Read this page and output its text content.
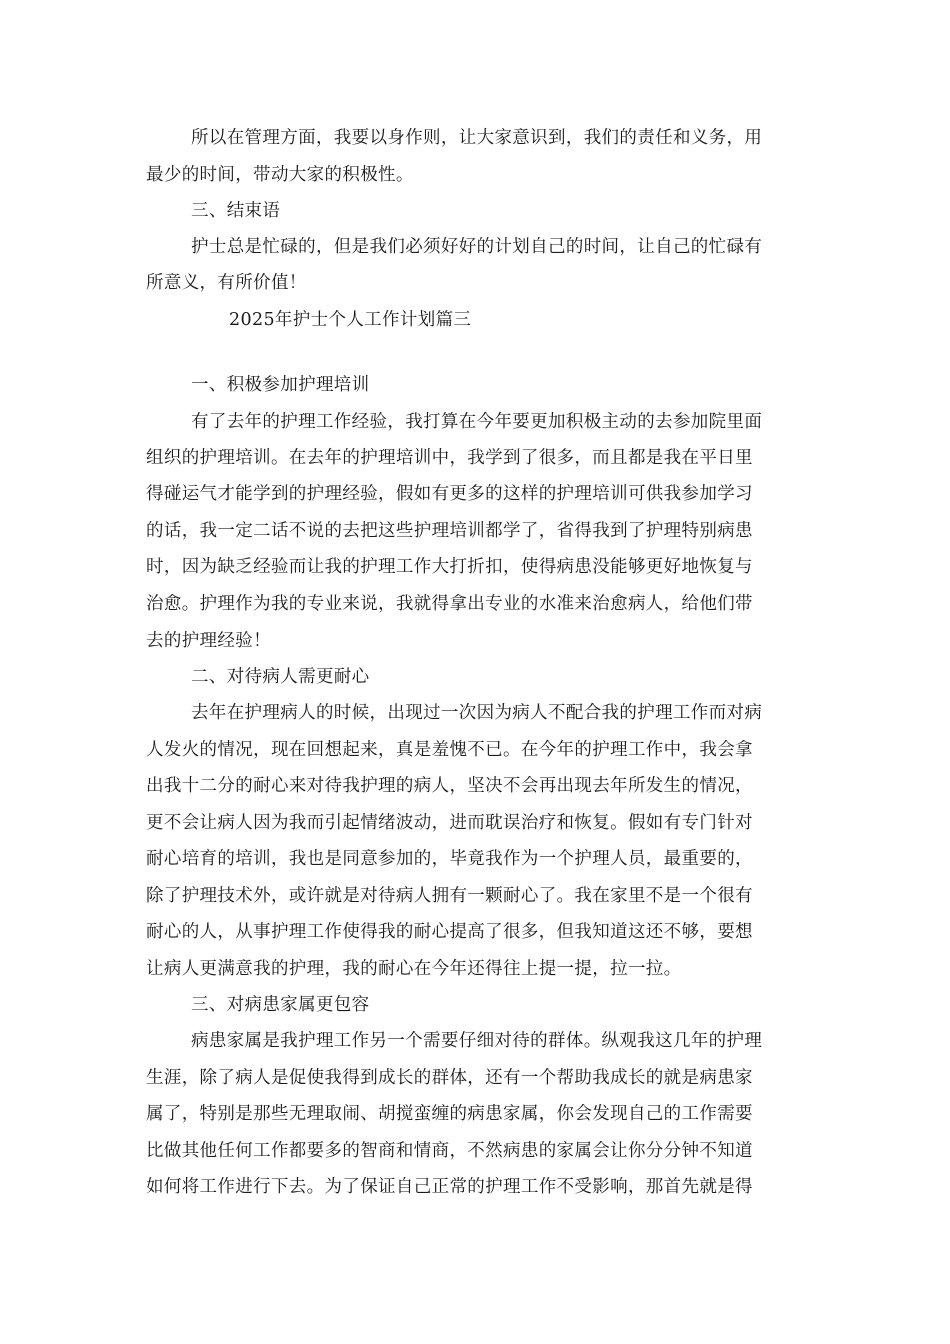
所以在管理方面，我要以身作则，让大家意识到，我们的责任和义务，用
最少的时间，带动大家的积极性。
三、结束语
护士总是忙碌的，但是我们必须好好的计划自己的时间，让自己的忙碌有
所意义，有所价值！
2025年护士个人工作计划篇三
一、积极参加护理培训
有了去年的护理工作经验，我打算在今年要更加积极主动的去参加院里面
组织的护理培训。在去年的护理培训中，我学到了很多，而且都是我在平日里
得碰运气才能学到的护理经验，假如有更多的这样的护理培训可供我参加学习
的话，我一定二话不说的去把这些护理培训都学了，省得我到了护理特别病患
时，因为缺乏经验而让我的护理工作大打折扣，使得病患没能够更好地恢复与
治愈。护理作为我的专业来说，我就得拿出专业的水准来治愈病人，给他们带
去的护理经验！
二、对待病人需更耐心
去年在护理病人的时候，出现过一次因为病人不配合我的护理工作而对病
人发火的情况，现在回想起来，真是羞愧不已。在今年的护理工作中，我会拿
出我十二分的耐心来对待我护理的病人，坚决不会再出现去年所发生的情况，
更不会让病人因为我而引起情绪波动，进而耽误治疗和恢复。假如有专门针对
耐心培育的培训，我也是同意参加的，毕竟我作为一个护理人员，最重要的，
除了护理技术外，或许就是对待病人拥有一颗耐心了。我在家里不是一个很有
耐心的人，从事护理工作使得我的耐心提高了很多，但我知道这还不够，要想
让病人更满意我的护理，我的耐心在今年还得往上提一提，拉一拉。
三、对病患家属更包容
病患家属是我护理工作另一个需要仔细对待的群体。纵观我这几年的护理
生涯，除了病人是促使我得到成长的群体，还有一个帮助我成长的就是病患家
属了，特别是那些无理取闹、胡搅蛮缠的病患家属，你会发现自己的工作需要
比做其他任何工作都要多的智商和情商，不然病患的家属会让你分分钟不知道
如何将工作进行下去。为了保证自己正常的护理工作不受影响，那首先就是得
